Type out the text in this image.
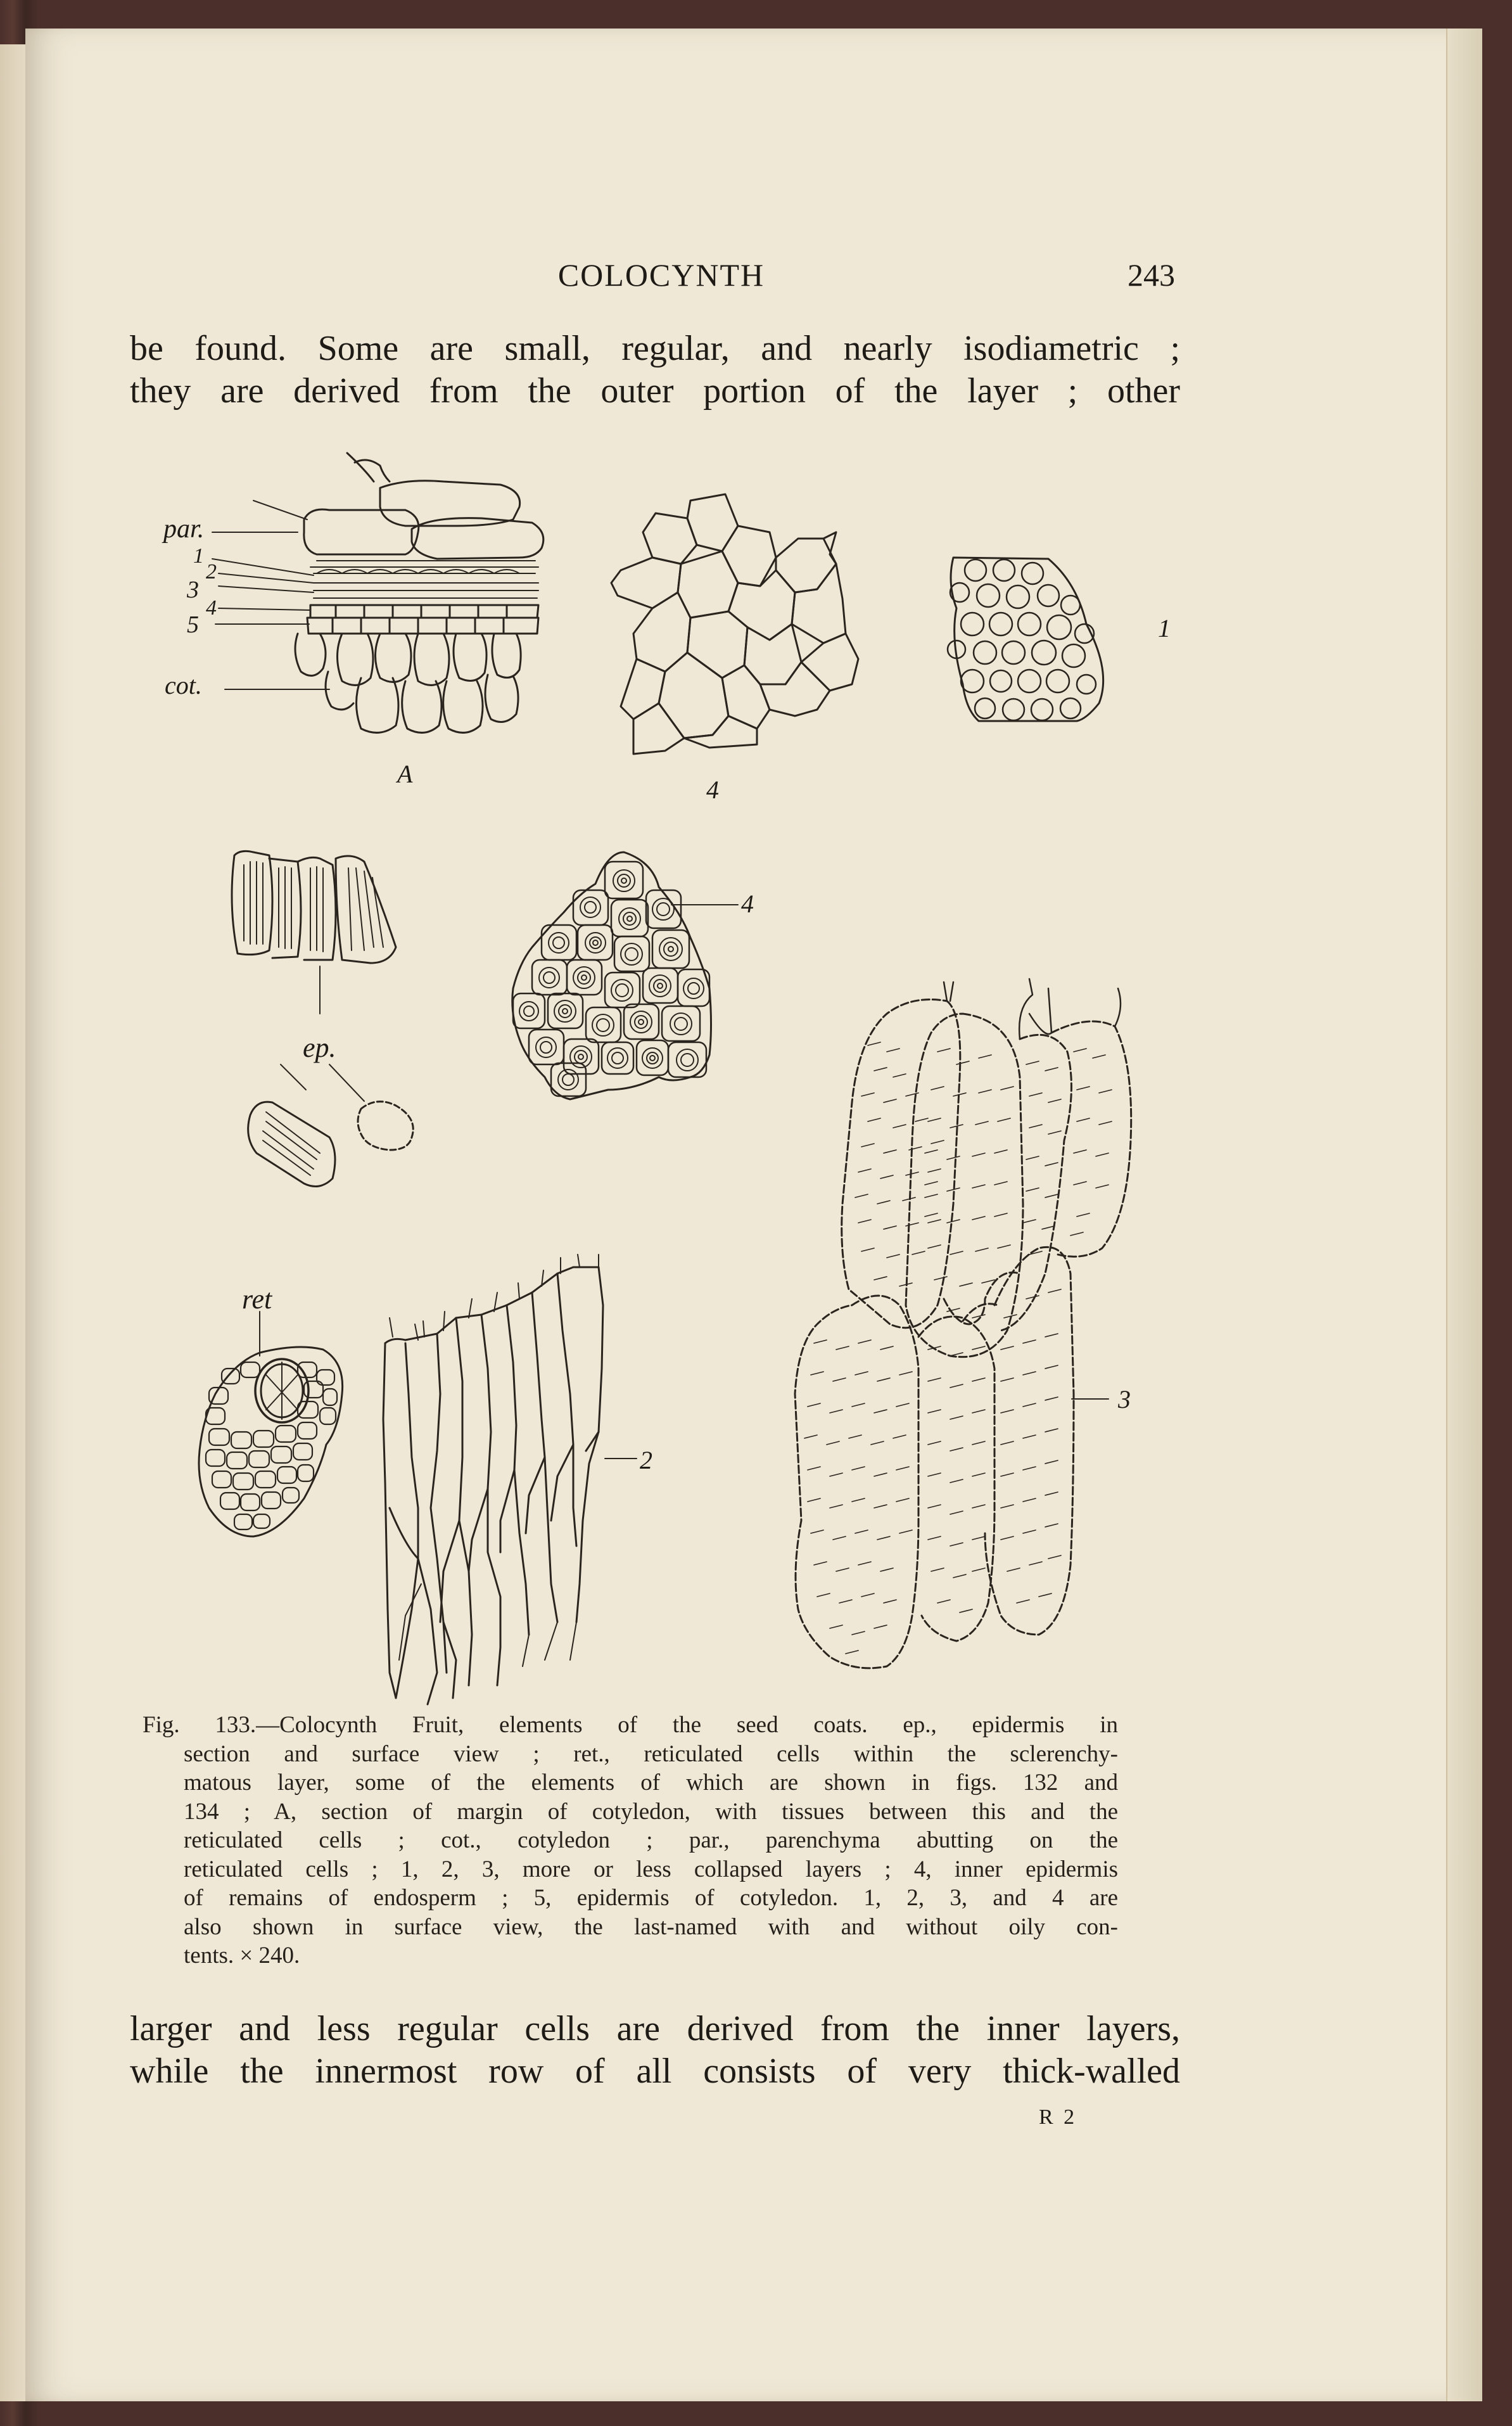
COLOCYNTH	243
be found. Some are small, regular, and nearly isodiametric ;
they are derived from the outer portion of the layer ; other
par.
1
2
3
4
5
cot.
A
4
1
ep.
4
ret
2
3
Fig. 133.—Colocynth Fruit, elements of the seed coats. ep., epidermis in
section and surface view ; ret., reticulated cells within the sclerenchy-
matous layer, some of the elements of which are shown in figs. 132 and
134 ; A, section of margin of cotyledon, with tissues between this and the
reticulated cells ; cot., cotyledon ; par., parenchyma abutting on the
reticulated cells ; 1, 2, 3, more or less collapsed layers ; 4, inner epidermis
of remains of endosperm ; 5, epidermis of cotyledon. 1, 2, 3, and 4 are
also shown in surface view, the last-named with and without oily con-
tents. × 240.
larger and less regular cells are derived from the inner layers,
while the innermost row of all consists of very thick-walled
R 2
